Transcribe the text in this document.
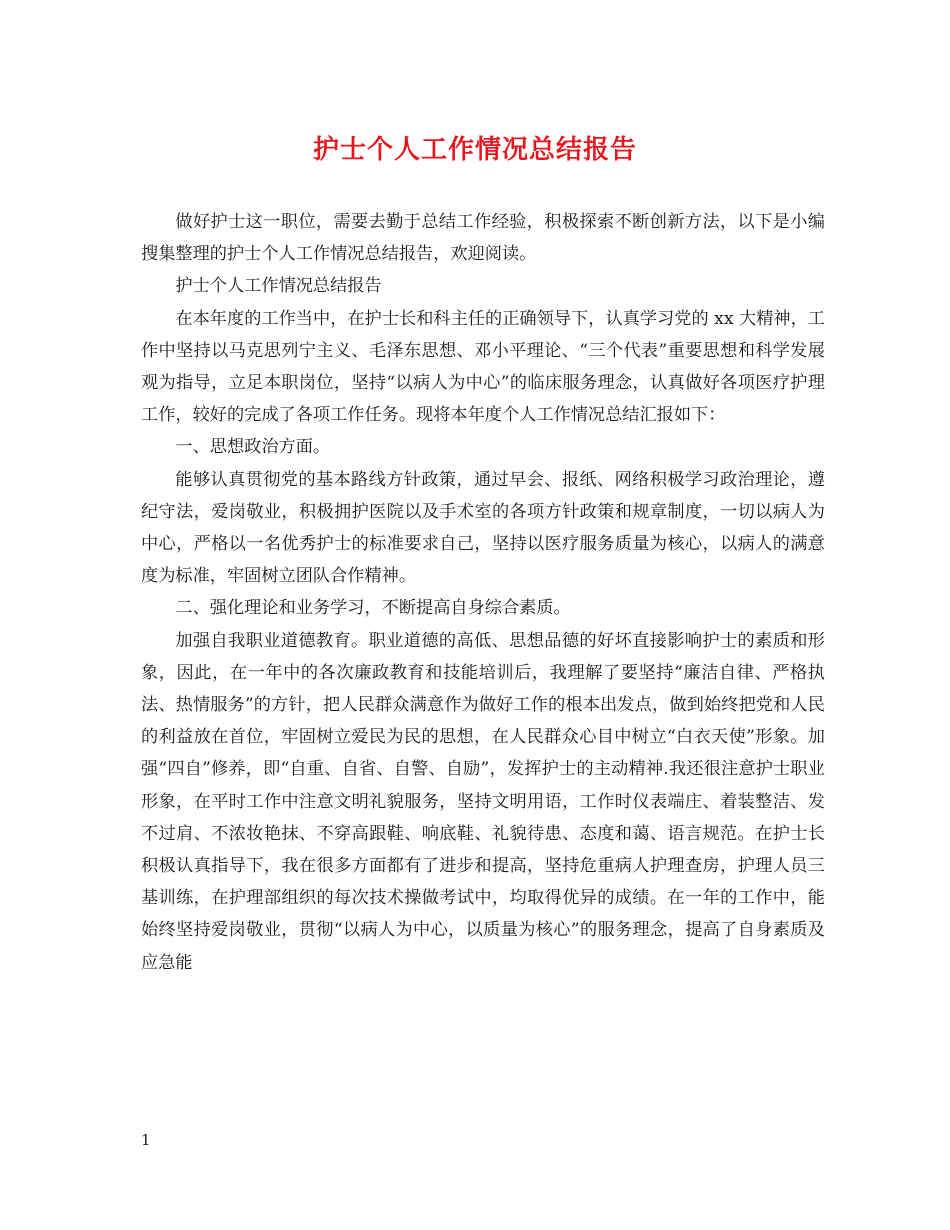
护士个人工作情况总结报告

做好护士这一职位，需要去勤于总结工作经验，积极探索不断创新方法，以下是小编搜集整理的护士个人工作情况总结报告，欢迎阅读。

护士个人工作情况总结报告

在本年度的工作当中，在护士长和科主任的正确领导下，认真学习党的 xx 大精神，工作中坚持以马克思列宁主义、毛泽东思想、邓小平理论、“三个代表”重要思想和科学发展观为指导，立足本职岗位，坚持“以病人为中心”的临床服务理念，认真做好各项医疗护理工作，较好的完成了各项工作任务。现将本年度个人工作情况总结汇报如下：

一、思想政治方面。

能够认真贯彻党的基本路线方针政策，通过早会、报纸、网络积极学习政治理论，遵纪守法，爱岗敬业，积极拥护医院以及手术室的各项方针政策和规章制度，一切以病人为中心，严格以一名优秀护士的标准要求自己，坚持以医疗服务质量为核心，以病人的满意度为标准，牢固树立团队合作精神。

二、强化理论和业务学习，不断提高自身综合素质。

加强自我职业道德教育。职业道德的高低、思想品德的好坏直接影响护士的素质和形象，因此，在一年中的各次廉政教育和技能培训后，我理解了要坚持“廉洁自律、严格执法、热情服务”的方针，把人民群众满意作为做好工作的根本出发点，做到始终把党和人民的利益放在首位，牢固树立爱民为民的思想，在人民群众心目中树立“白衣天使”形象。加强“四自”修养，即“自重、自省、自警、自励”，发挥护士的主动精神.我还很注意护士职业形象，在平时工作中注意文明礼貌服务，坚持文明用语，工作时仪表端庄、着装整洁、发不过肩、不浓妆艳抹、不穿高跟鞋、响底鞋、礼貌待患、态度和蔼、语言规范。在护士长积极认真指导下，我在很多方面都有了进步和提高，坚持危重病人护理查房，护理人员三基训练，在护理部组织的每次技术操做考试中，均取得优异的成绩。在一年的工作中，能始终坚持爱岗敬业，贯彻“以病人为中心，以质量为核心”的服务理念，提高了自身素质及应急能

1
